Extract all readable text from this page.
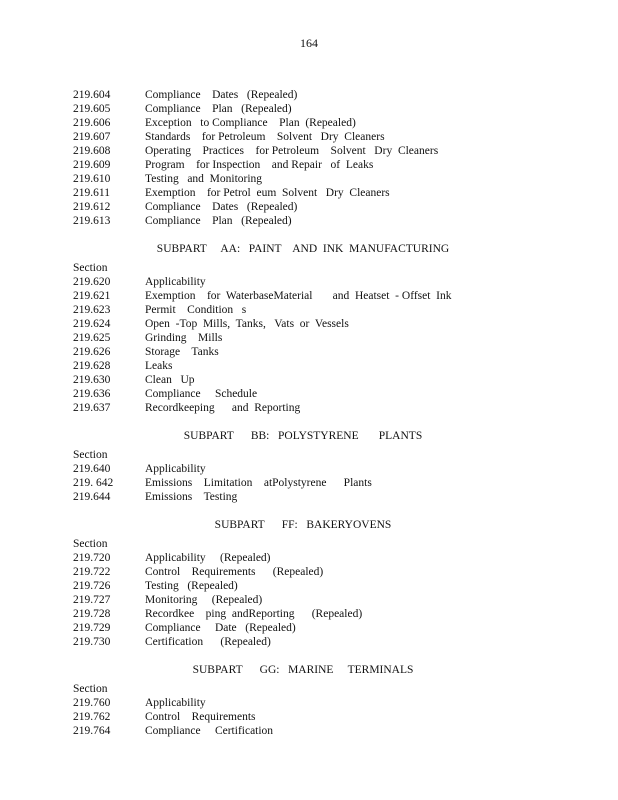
164
219.604	Compliance    Dates   (Repealed)
219.605	Compliance    Plan   (Repealed)
219.606	Exception   to Compliance    Plan  (Repealed)
219.607	Standards    for Petroleum    Solvent   Dry  Cleaners
219.608	Operating    Practices    for Petroleum    Solvent   Dry  Cleaners
219.609	Program    for Inspection    and Repair   of  Leaks
219.610	Testing   and  Monitoring
219.611	Exemption    for Petrol  eum  Solvent   Dry  Cleaners
219.612	Compliance    Dates   (Repealed)
219.613	Compliance    Plan   (Repealed)
SUBPART     AA:   PAINT    AND  INK  MANUFACTURING
Section
219.620	Applicability
219.621	Exemption    for  WaterbaseMaterial       and  Heatset  - Offset  Ink
219.623	Permit    Condition   s
219.624	Open  -Top  Mills,  Tanks,   Vats  or  Vessels
219.625	Grinding    Mills
219.626	Storage    Tanks
219.628	Leaks
219.630	Clean   Up
219.636	Compliance     Schedule
219.637	Recordkeeping      and  Reporting
SUBPART      BB:   POLYSTYRENE       PLANTS
Section
219.640	Applicability
219. 642	Emissions    Limitation    atPolystyrene      Plants
219.644	Emissions    Testing
SUBPART      FF:   BAKERYOVENS
Section
219.720	Applicability     (Repealed)
219.722	Control    Requirements      (Repealed)
219.726	Testing   (Repealed)
219.727	Monitoring     (Repealed)
219.728	Recordkee    ping  andReporting      (Repealed)
219.729	Compliance     Date   (Repealed)
219.730	Certification      (Repealed)
SUBPART      GG:   MARINE     TERMINALS
Section
219.760	Applicability
219.762	Control    Requirements
219.764	Compliance     Certification
